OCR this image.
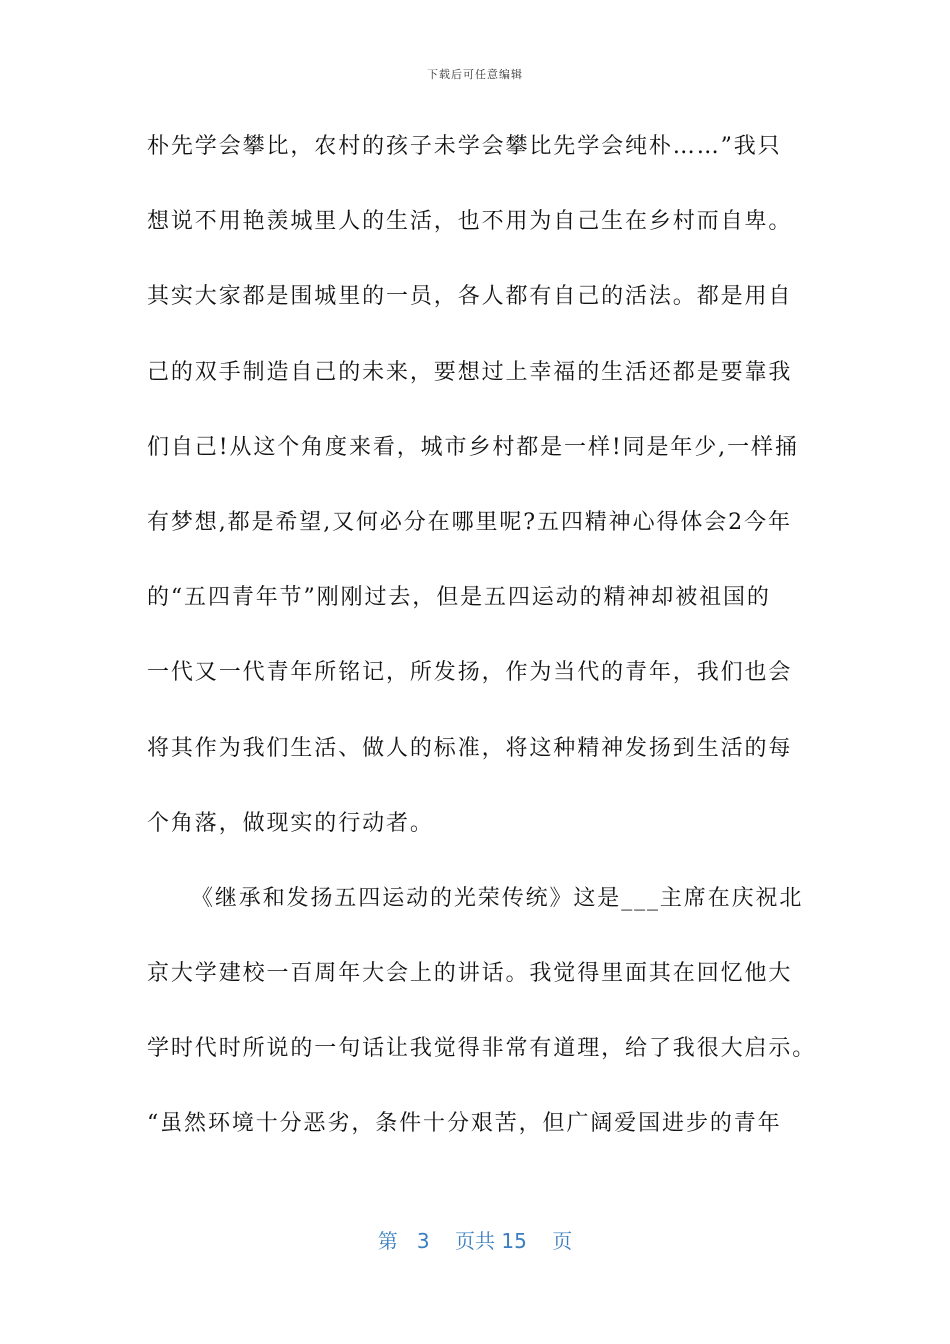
下载后可任意编辑
朴先学会攀比，农村的孩子未学会攀比先学会纯朴……”我只
想说不用艳羡城里人的生活，也不用为自己生在乡村而自卑。
其实大家都是围城里的一员，各人都有自己的活法。都是用自
己的双手制造自己的未来，要想过上幸福的生活还都是要靠我
们自己!从这个角度来看，城市乡村都是一样!同是年少,一样捅
有梦想,都是希望,又何必分在哪里呢?五四精神心得体会2今年
的“五四青年节”刚刚过去，但是五四运动的精神却被祖国的
一代又一代青年所铭记，所发扬，作为当代的青年，我们也会
将其作为我们生活、做人的标准，将这种精神发扬到生活的每
个角落，做现实的行动者。
《继承和发扬五四运动的光荣传统》这是___主席在庆祝北
京大学建校一百周年大会上的讲话。我觉得里面其在回忆他大
学时代时所说的一句话让我觉得非常有道理，给了我很大启示。
“虽然环境十分恶劣，条件十分艰苦，但广阔爱国进步的青年
第 3 页共 15 页
